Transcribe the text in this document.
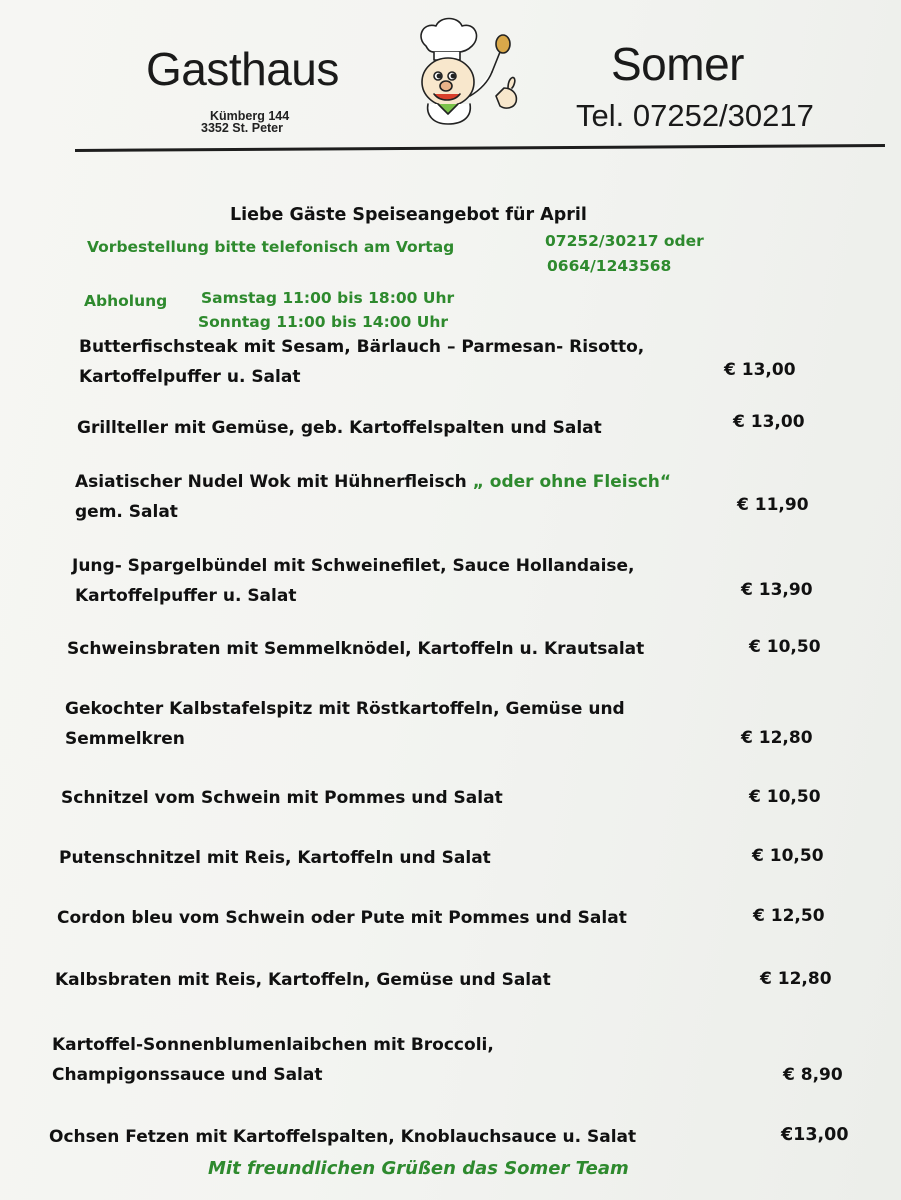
Gasthaus	Somer
Kümberg 144
3352 St. Peter	Tel. 07252/30217
Liebe Gäste Speiseangebot für April
Vorbestellung bitte telefonisch am Vortag	07252/30217 oder
0664/1243568
Abholung Samstag 11:00 bis 18:00 Uhr
Sonntag 11:00 bis 14:00 Uhr
Butterfischsteak mit Sesam, Bärlauch – Parmesan- Risotto,
Kartoffelpuffer u. Salat	€ 13,00
Grillteller mit Gemüse, geb. Kartoffelspalten und Salat	€ 13,00
Asiatischer Nudel Wok mit Hühnerfleisch „ oder ohne Fleisch“
gem. Salat	€ 11,90
Jung- Spargelbündel mit Schweinefilet, Sauce Hollandaise,
Kartoffelpuffer u. Salat	€ 13,90
Schweinsbraten mit Semmelknödel, Kartoffeln u. Krautsalat	€ 10,50
Gekochter Kalbstafelspitz mit Röstkartoffeln, Gemüse und
Semmelkren	€ 12,80
Schnitzel vom Schwein mit Pommes und Salat	€ 10,50
Putenschnitzel mit Reis, Kartoffeln und Salat	€ 10,50
Cordon bleu vom Schwein oder Pute mit Pommes und Salat	€ 12,50
Kalbsbraten mit Reis, Kartoffeln, Gemüse und Salat	€ 12,80
Kartoffel-Sonnenblumenlaibchen mit Broccoli,
Champigonssauce und Salat	€ 8,90
Ochsen Fetzen mit Kartoffelspalten, Knoblauchsauce u. Salat	€13,00
Mit freundlichen Grüßen das Somer Team
